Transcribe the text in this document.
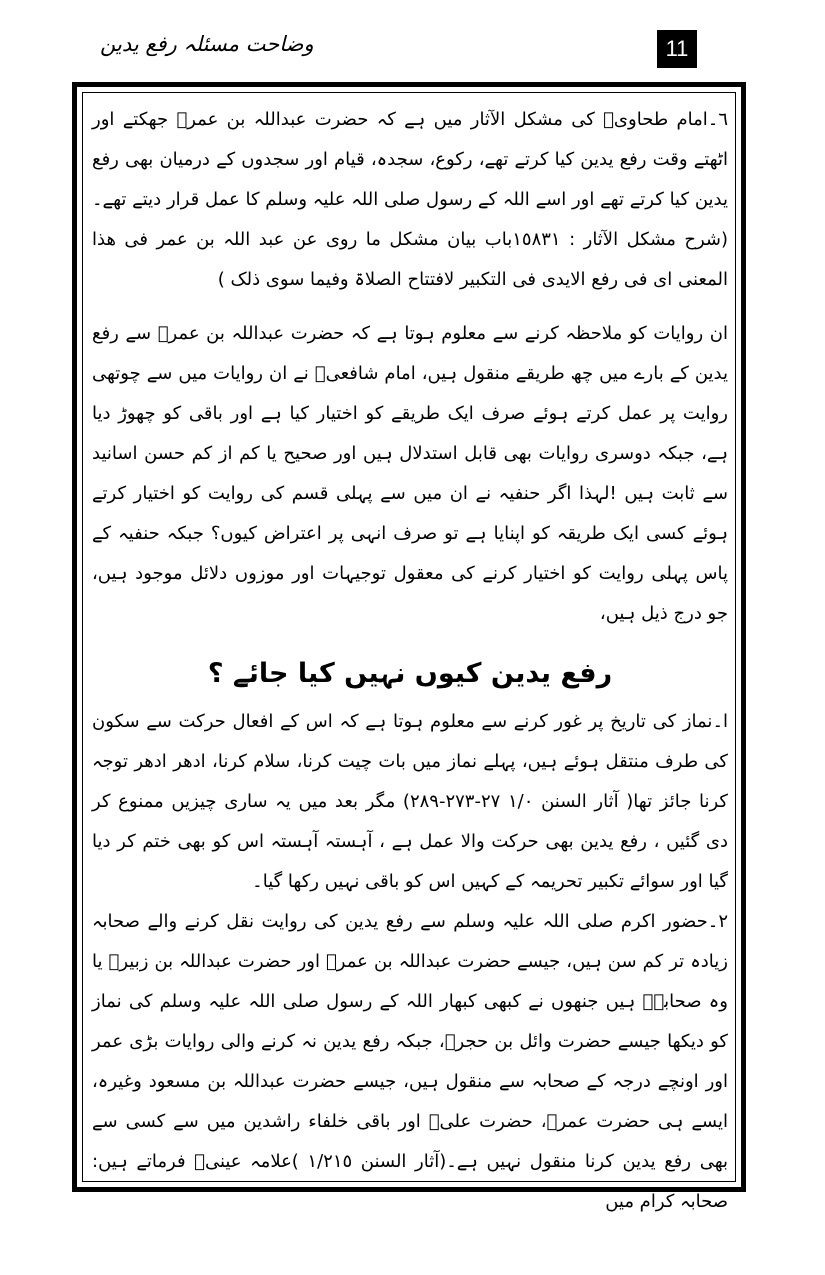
وضاحت مسئلہ رفع یدین	11

٦۔امام طحاویؒ کی مشکل الآثار میں ہے کہ حضرت عبداللہ بن عمرؓ جھکتے اور اٹھتے وقت رفع یدین کیا کرتے تھے، رکوع، سجدہ، قیام اور سجدوں کے درمیان بھی رفع یدین کیا کرتے تھے اور اسے اللہ کے رسول صلی اللہ علیہ وسلم کا عمل قرار دیتے تھے۔(شرح مشکل الآثار : ١٥٨٣١باب بیان مشکل ما روی عن عبد اللہ بن عمر فی ھذا المعنی ای فی رفع الایدی فی التکبیر لافتتاح الصلاۃ وفیما سوی ذلک )

ان روایات کو ملاحظہ کرنے سے معلوم ہوتا ہے کہ حضرت عبداللہ بن عمرؓ سے رفع یدین کے بارے میں چھ طریقے منقول ہیں، امام شافعیؒ نے ان روایات میں سے چوتھی روایت پر عمل کرتے ہوئے صرف ایک طریقے کو اختیار کیا ہے اور باقی کو چھوڑ دیا ہے، جبکہ دوسری روایات بھی قابل استدلال ہیں اور صحیح یا کم از کم حسن اسانید سے ثابت ہیں !لہذا اگر حنفیہ نے ان میں سے پہلی قسم کی روایت کو اختیار کرتے ہوئے کسی ایک طریقہ کو اپنایا ہے تو صرف انہی پر اعتراض کیوں؟ جبکہ حنفیہ کے پاس پہلی روایت کو اختیار کرنے کی معقول توجیہات اور موزوں دلائل موجود ہیں، جو درج ذیل ہیں،

رفع یدین کیوں نہیں کیا جائے ؟

ا۔نماز کی تاریخ پر غور کرنے سے معلوم ہوتا ہے کہ اس کے افعال حرکت سے سکون کی طرف منتقل ہوئے ہیں، پہلے نماز میں بات چیت کرنا، سلام کرنا، ادھر ادھر توجہ کرنا جائز تھا( آثار السنن ١/٠ ٢٧-٢٧٣-٢٨٩) مگر بعد میں یہ ساری چیزیں ممنوع کر دی گئیں ، رفع یدین بھی حرکت والا عمل ہے ، آہستہ آہستہ اس کو بھی ختم کر دیا گیا اور سوائے تکبیر تحریمہ کے کہیں اس کو باقی نہیں رکھا گیا۔

٢۔حضور اکرم صلی اللہ علیہ وسلم سے رفع یدین کی روایت نقل کرنے والے صحابہ زیادہ تر کم سن ہیں، جیسے حضرت عبداللہ بن عمرؓ اور حضرت عبداللہ بن زبیرؓ یا وہ صحابہؓ ہیں جنھوں نے کبھی کبھار اللہ کے رسول صلی اللہ علیہ وسلم کی نماز کو دیکھا جیسے حضرت وائل بن حجرؓ، جبکہ رفع یدین نہ کرنے والی روایات بڑی عمر اور اونچے درجہ کے صحابہ سے منقول ہیں، جیسے حضرت عبداللہ بن مسعود وغیرہ، ایسے ہی حضرت عمرؓ، حضرت علیؓ اور باقی خلفاء راشدین میں سے کسی سے بھی رفع یدین کرنا منقول نہیں ہے۔(آثار السنن ١/٢١٥ )علامہ عینیؒ فرماتے ہیں: صحابہ کرام میں
